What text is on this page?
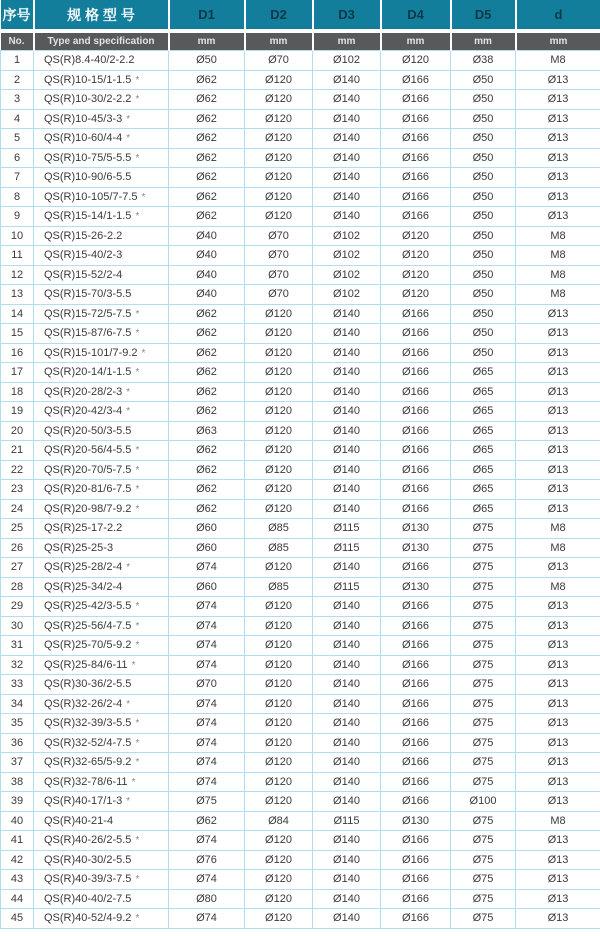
序号	规 格 型 号	D1	D2	D3	D4	D5	d
No.	Type and specification	mm	mm	mm	mm	mm	mm
1	QS(R)8.4-40/2-2.2	Ø50	Ø70	Ø102	Ø120	Ø38	M8
2	QS(R)10-15/1-1.5 *	Ø62	Ø120	Ø140	Ø166	Ø50	Ø13
3	QS(R)10-30/2-2.2 *	Ø62	Ø120	Ø140	Ø166	Ø50	Ø13
4	QS(R)10-45/3-3 *	Ø62	Ø120	Ø140	Ø166	Ø50	Ø13
5	QS(R)10-60/4-4 *	Ø62	Ø120	Ø140	Ø166	Ø50	Ø13
6	QS(R)10-75/5-5.5 *	Ø62	Ø120	Ø140	Ø166	Ø50	Ø13
7	QS(R)10-90/6-5.5	Ø62	Ø120	Ø140	Ø166	Ø50	Ø13
8	QS(R)10-105/7-7.5 *	Ø62	Ø120	Ø140	Ø166	Ø50	Ø13
9	QS(R)15-14/1-1.5 *	Ø62	Ø120	Ø140	Ø166	Ø50	Ø13
10	QS(R)15-26-2.2	Ø40	Ø70	Ø102	Ø120	Ø50	M8
11	QS(R)15-40/2-3	Ø40	Ø70	Ø102	Ø120	Ø50	M8
12	QS(R)15-52/2-4	Ø40	Ø70	Ø102	Ø120	Ø50	M8
13	QS(R)15-70/3-5.5	Ø40	Ø70	Ø102	Ø120	Ø50	M8
14	QS(R)15-72/5-7.5 *	Ø62	Ø120	Ø140	Ø166	Ø50	Ø13
15	QS(R)15-87/6-7.5 *	Ø62	Ø120	Ø140	Ø166	Ø50	Ø13
16	QS(R)15-101/7-9.2 *	Ø62	Ø120	Ø140	Ø166	Ø50	Ø13
17	QS(R)20-14/1-1.5 *	Ø62	Ø120	Ø140	Ø166	Ø65	Ø13
18	QS(R)20-28/2-3 *	Ø62	Ø120	Ø140	Ø166	Ø65	Ø13
19	QS(R)20-42/3-4 *	Ø62	Ø120	Ø140	Ø166	Ø65	Ø13
20	QS(R)20-50/3-5.5	Ø63	Ø120	Ø140	Ø166	Ø65	Ø13
21	QS(R)20-56/4-5.5 *	Ø62	Ø120	Ø140	Ø166	Ø65	Ø13
22	QS(R)20-70/5-7.5 *	Ø62	Ø120	Ø140	Ø166	Ø65	Ø13
23	QS(R)20-81/6-7.5 *	Ø62	Ø120	Ø140	Ø166	Ø65	Ø13
24	QS(R)20-98/7-9.2 *	Ø62	Ø120	Ø140	Ø166	Ø65	Ø13
25	QS(R)25-17-2.2	Ø60	Ø85	Ø115	Ø130	Ø75	M8
26	QS(R)25-25-3	Ø60	Ø85	Ø115	Ø130	Ø75	M8
27	QS(R)25-28/2-4 *	Ø74	Ø120	Ø140	Ø166	Ø75	Ø13
28	QS(R)25-34/2-4	Ø60	Ø85	Ø115	Ø130	Ø75	M8
29	QS(R)25-42/3-5.5 *	Ø74	Ø120	Ø140	Ø166	Ø75	Ø13
30	QS(R)25-56/4-7.5 *	Ø74	Ø120	Ø140	Ø166	Ø75	Ø13
31	QS(R)25-70/5-9.2 *	Ø74	Ø120	Ø140	Ø166	Ø75	Ø13
32	QS(R)25-84/6-11 *	Ø74	Ø120	Ø140	Ø166	Ø75	Ø13
33	QS(R)30-36/2-5.5	Ø70	Ø120	Ø140	Ø166	Ø75	Ø13
34	QS(R)32-26/2-4 *	Ø74	Ø120	Ø140	Ø166	Ø75	Ø13
35	QS(R)32-39/3-5.5 *	Ø74	Ø120	Ø140	Ø166	Ø75	Ø13
36	QS(R)32-52/4-7.5 *	Ø74	Ø120	Ø140	Ø166	Ø75	Ø13
37	QS(R)32-65/5-9.2 *	Ø74	Ø120	Ø140	Ø166	Ø75	Ø13
38	QS(R)32-78/6-11 *	Ø74	Ø120	Ø140	Ø166	Ø75	Ø13
39	QS(R)40-17/1-3 *	Ø75	Ø120	Ø140	Ø166	Ø100	Ø13
40	QS(R)40-21-4	Ø62	Ø84	Ø115	Ø130	Ø75	M8
41	QS(R)40-26/2-5.5 *	Ø74	Ø120	Ø140	Ø166	Ø75	Ø13
42	QS(R)40-30/2-5.5	Ø76	Ø120	Ø140	Ø166	Ø75	Ø13
43	QS(R)40-39/3-7.5 *	Ø74	Ø120	Ø140	Ø166	Ø75	Ø13
44	QS(R)40-40/2-7.5	Ø80	Ø120	Ø140	Ø166	Ø75	Ø13
45	QS(R)40-52/4-9.2 *	Ø74	Ø120	Ø140	Ø166	Ø75	Ø13
